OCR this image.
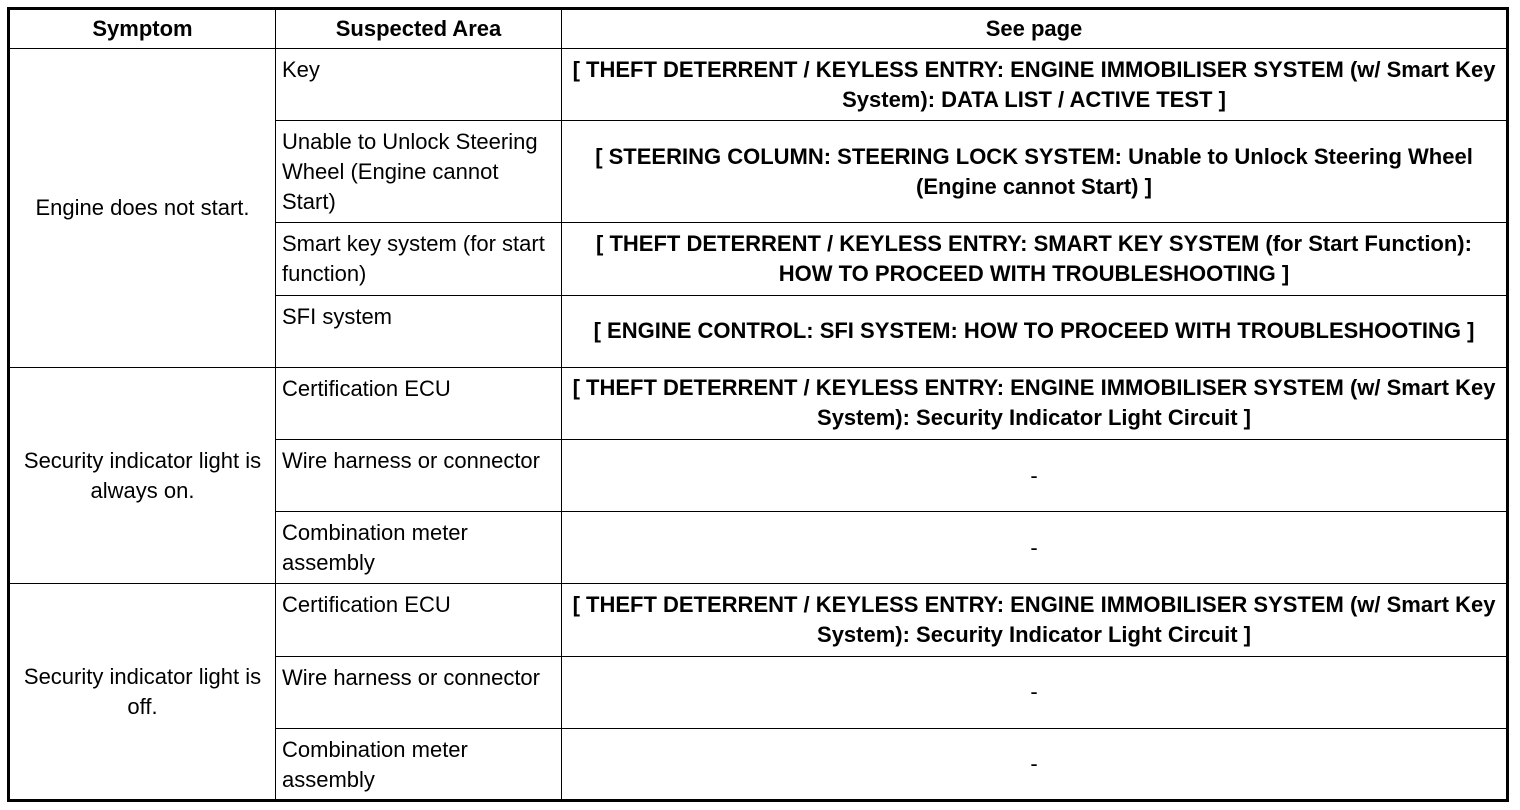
Symptom	Suspected Area	See page
Engine does not start.	Key	[ THEFT DETERRENT / KEYLESS ENTRY: ENGINE IMMOBILISER SYSTEM (w/ Smart Key System): DATA LIST / ACTIVE TEST ]
	Unable to Unlock Steering Wheel (Engine cannot Start)	[ STEERING COLUMN: STEERING LOCK SYSTEM: Unable to Unlock Steering Wheel (Engine cannot Start) ]
	Smart key system (for start function)	[ THEFT DETERRENT / KEYLESS ENTRY: SMART KEY SYSTEM (for Start Function): HOW TO PROCEED WITH TROUBLESHOOTING ]
	SFI system	[ ENGINE CONTROL: SFI SYSTEM: HOW TO PROCEED WITH TROUBLESHOOTING ]
Security indicator light is always on.	Certification ECU	[ THEFT DETERRENT / KEYLESS ENTRY: ENGINE IMMOBILISER SYSTEM (w/ Smart Key System): Security Indicator Light Circuit ]
	Wire harness or connector	-
	Combination meter assembly	-
Security indicator light is off.	Certification ECU	[ THEFT DETERRENT / KEYLESS ENTRY: ENGINE IMMOBILISER SYSTEM (w/ Smart Key System): Security Indicator Light Circuit ]
	Wire harness or connector	-
	Combination meter assembly	-
